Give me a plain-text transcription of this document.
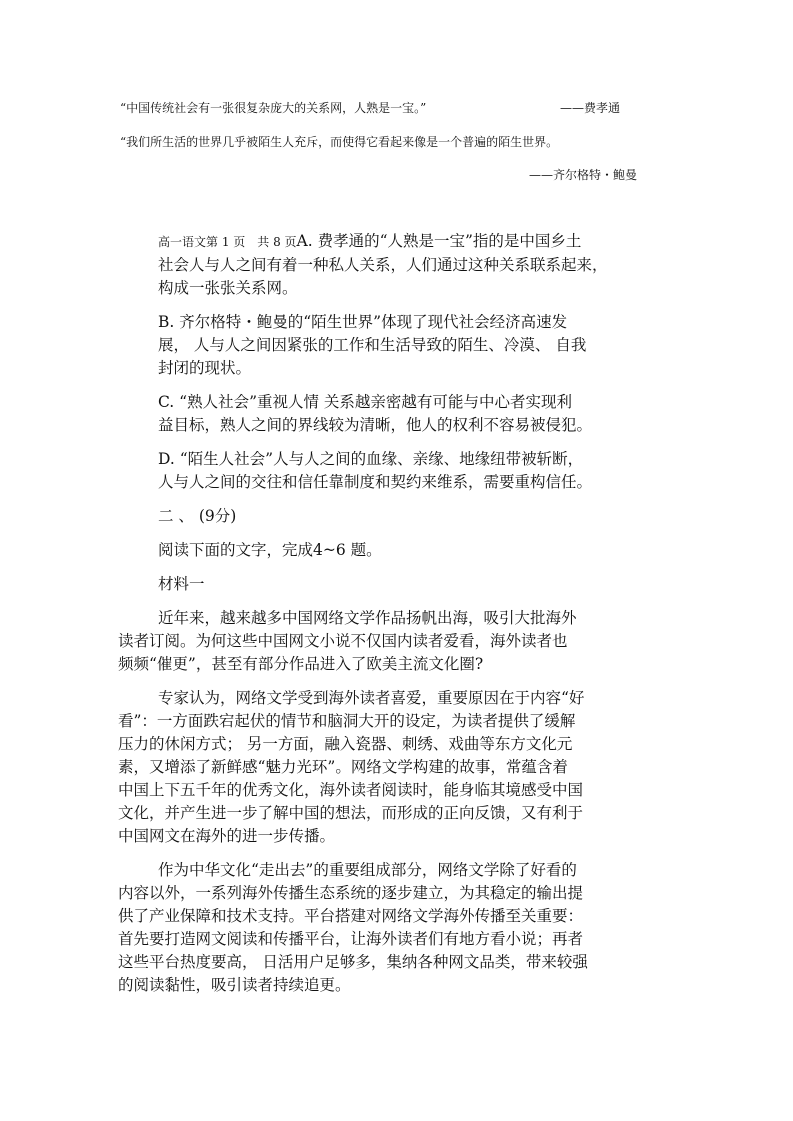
“中国传统社会有一张很复杂庞大的关系网，人熟是一宝。”	——费孝通
“我们所生活的世界几乎被陌生人充斥，而使得它看起来像是一个普遍的陌生世界。
——齐尔格特・鲍曼
高一语文第 1 页　共 8 页A. 费孝通的“人熟是一宝”指的是中国乡土
社会人与人之间有着一种私人关系，人们通过这种关系联系起来，
构成一张张关系网。
B. 齐尔格特・鲍曼的“陌生世界”体现了现代社会经济高速发
展， 人与人之间因紧张的工作和生活导致的陌生、冷漠、 自我
封闭的现状。
C. “熟人社会”重视人情 关系越亲密越有可能与中心者实现利
益目标，熟人之间的界线较为清晰，他人的权利不容易被侵犯。
D. “陌生人社会”人与人之间的血缘、亲缘、地缘纽带被斩断，
人与人之间的交往和信任靠制度和契约来维系，需要重构信任。
二 、 (9分)
阅读下面的文字，完成4~6 题。
材料一
近年来，越来越多中国网络文学作品扬帆出海，吸引大批海外
读者订阅。为何这些中国网文小说不仅国内读者爱看，海外读者也
频频“催更”，甚至有部分作品进入了欧美主流文化圈?
专家认为，网络文学受到海外读者喜爱，重要原因在于内容“好
看”：一方面跌宕起伏的情节和脑洞大开的设定，为读者提供了缓解
压力的休闲方式； 另一方面，融入瓷器、刺绣、戏曲等东方文化元
素，又增添了新鲜感“魅力光环”。网络文学构建的故事，常蕴含着
中国上下五千年的优秀文化，海外读者阅读时，能身临其境感受中国
文化，并产生进一步了解中国的想法，而形成的正向反馈，又有利于
中国网文在海外的进一步传播。
作为中华文化“走出去”的重要组成部分，网络文学除了好看的
内容以外，一系列海外传播生态系统的逐步建立，为其稳定的输出提
供了产业保障和技术支持。平台搭建对网络文学海外传播至关重要：
首先要打造网文阅读和传播平台，让海外读者们有地方看小说；再者
这些平台热度要高， 日活用户足够多，集纳各种网文品类，带来较强
的阅读黏性，吸引读者持续追更。
